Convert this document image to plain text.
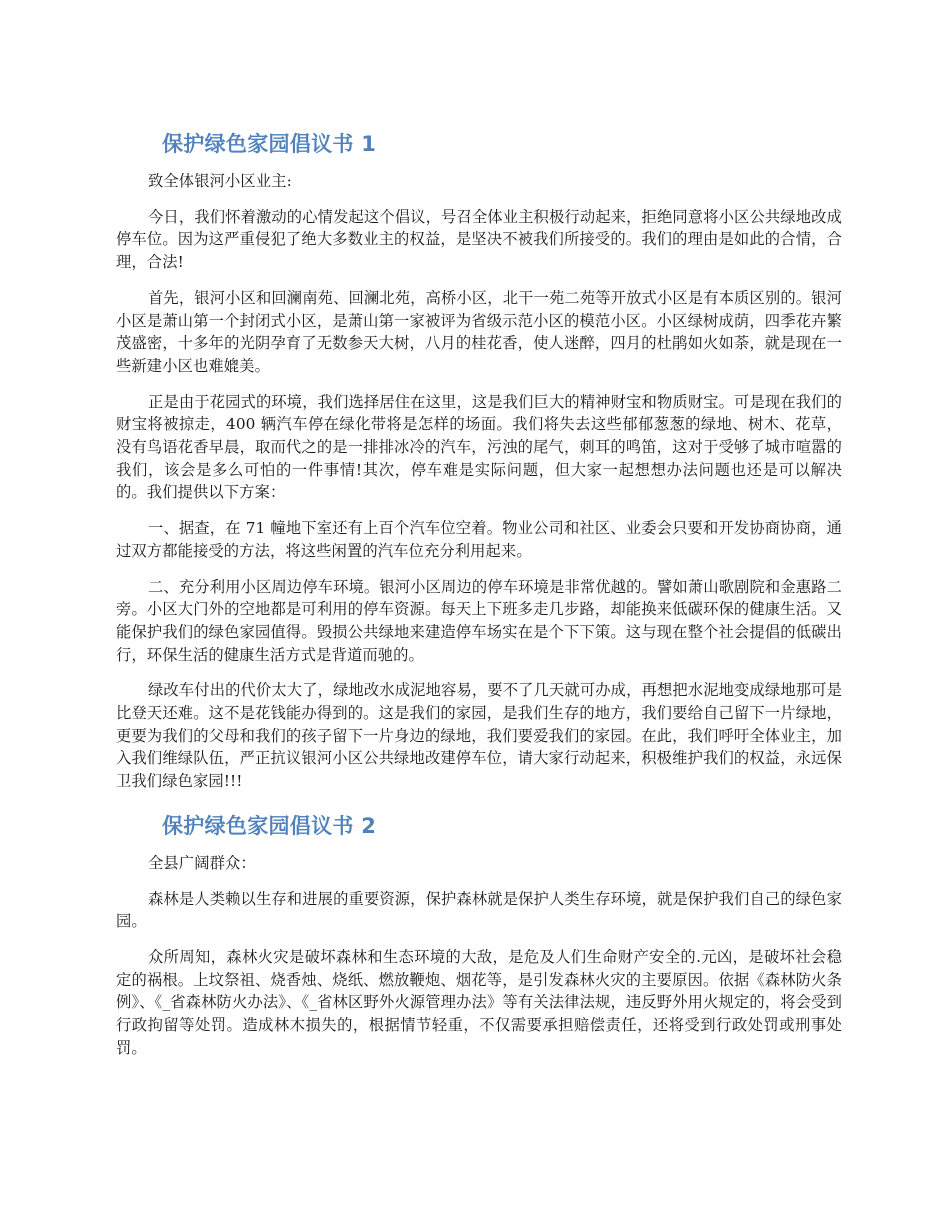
保护绿色家园倡议书 1

致全体银河小区业主:

今日，我们怀着激动的心情发起这个倡议，号召全体业主积极行动起来，拒绝同意将小区公共绿地改成停车位。因为这严重侵犯了绝大多数业主的权益，是坚决不被我们所接受的。我们的理由是如此的合情，合理，合法!

首先，银河小区和回澜南苑、回澜北苑，高桥小区，北干一苑二苑等开放式小区是有本质区别的。银河小区是萧山第一个封闭式小区，是萧山第一家被评为省级示范小区的模范小区。小区绿树成荫，四季花卉繁茂盛密，十多年的光阴孕育了无数参天大树，八月的桂花香，使人迷醉，四月的杜鹃如火如荼，就是现在一些新建小区也难媲美。

正是由于花园式的环境，我们选择居住在这里，这是我们巨大的精神财宝和物质财宝。可是现在我们的财宝将被掠走，400 辆汽车停在绿化带将是怎样的场面。我们将失去这些郁郁葱葱的绿地、树木、花草，没有鸟语花香早晨，取而代之的是一排排冰冷的汽车，污浊的尾气，刺耳的鸣笛，这对于受够了城市喧嚣的我们，该会是多么可怕的一件事情!其次，停车难是实际问题，但大家一起想想办法问题也还是可以解决的。我们提供以下方案：

一、据查，在 71 幢地下室还有上百个汽车位空着。物业公司和社区、业委会只要和开发协商协商，通过双方都能接受的方法，将这些闲置的汽车位充分利用起来。

二、充分利用小区周边停车环境。银河小区周边的停车环境是非常优越的。譬如萧山歌剧院和金惠路二旁。小区大门外的空地都是可利用的停车资源。每天上下班多走几步路，却能换来低碳环保的健康生活。又能保护我们的绿色家园值得。毁损公共绿地来建造停车场实在是个下下策。这与现在整个社会提倡的低碳出行，环保生活的健康生活方式是背道而驰的。

绿改车付出的代价太大了，绿地改水成泥地容易，要不了几天就可办成，再想把水泥地变成绿地那可是比登天还难。这不是花钱能办得到的。这是我们的家园，是我们生存的地方，我们要给自己留下一片绿地，更要为我们的父母和我们的孩子留下一片身边的绿地，我们要爱我们的家园。在此，我们呼吁全体业主，加入我们维绿队伍，严正抗议银河小区公共绿地改建停车位，请大家行动起来，积极维护我们的权益，永远保卫我们绿色家园!!!

保护绿色家园倡议书 2

全县广阔群众：

森林是人类赖以生存和进展的重要资源，保护森林就是保护人类生存环境，就是保护我们自己的绿色家园。

众所周知，森林火灾是破坏森林和生态环境的大敌，是危及人们生命财产安全的.元凶，是破坏社会稳定的祸根。上坟祭祖、烧香烛、烧纸、燃放鞭炮、烟花等，是引发森林火灾的主要原因。依据《森林防火条例》、《_省森林防火办法》、《_省林区野外火源管理办法》等有关法律法规，违反野外用火规定的，将会受到行政拘留等处罚。造成林木损失的，根据情节轻重，不仅需要承担赔偿责任，还将受到行政处罚或刑事处罚。
